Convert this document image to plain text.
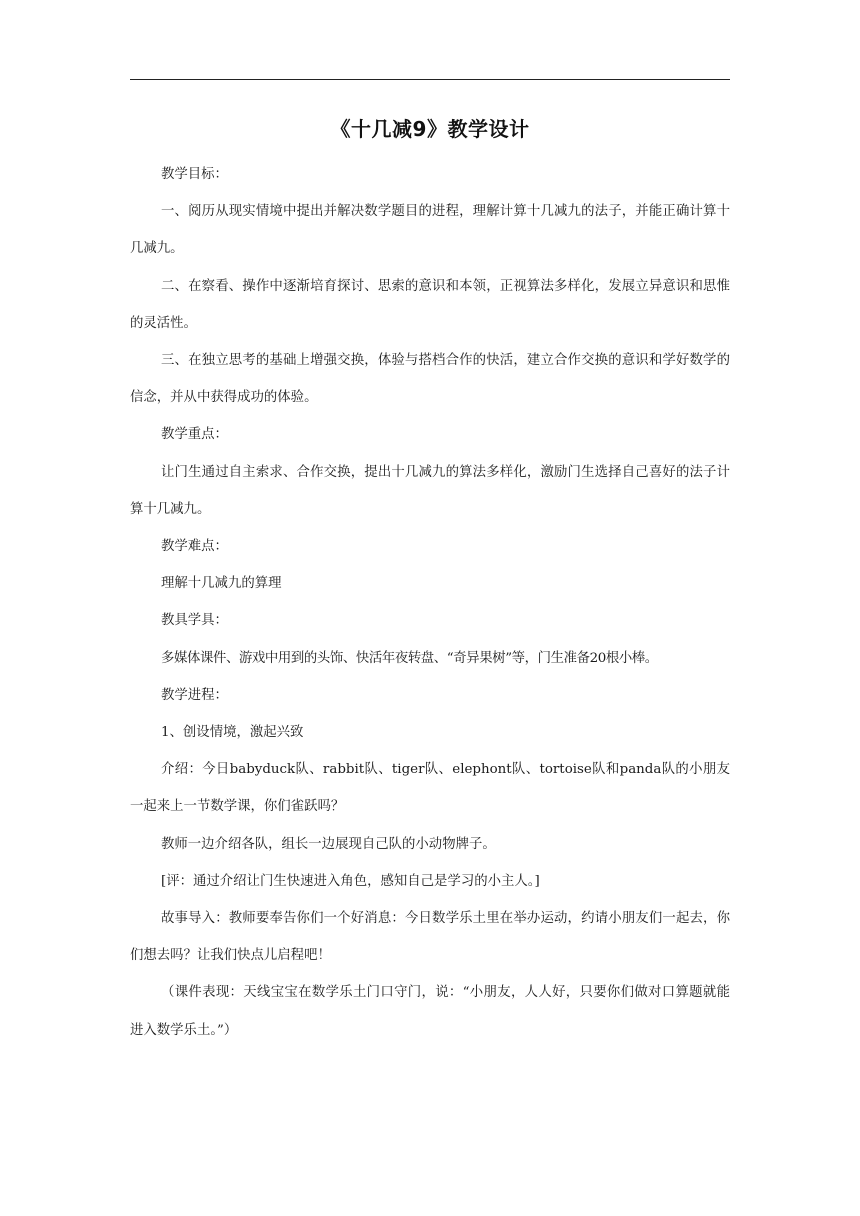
《十几减9》教学设计

教学目标：

一、阅历从现实情境中提出并解决数学题目的进程，理解计算十几减九的法子，并能正确计算十几减九。

二、在察看、操作中逐渐培育探讨、思索的意识和本领，正视算法多样化，发展立异意识和思惟的灵活性。

三、在独立思考的基础上增强交换，体验与搭档合作的快活，建立合作交换的意识和学好数学的信念，并从中获得成功的体验。

教学重点：

让门生通过自主索求、合作交换，提出十几减九的算法多样化，激励门生选择自己喜好的法子计算十几减九。

教学难点：

理解十几减九的算理

教具学具：

多媒体课件、游戏中用到的头饰、快活年夜转盘、“奇异果树”等，门生准备20根小棒。

教学进程：

1、创设情境，激起兴致

介绍：今日babyduck队、rabbit队、tiger队、elephont队、tortoise队和panda队的小朋友一起来上一节数学课，你们雀跃吗？

教师一边介绍各队，组长一边展现自己队的小动物牌子。

[评：通过介绍让门生快速进入角色，感知自己是学习的小主人。]

故事导入：教师要奉告你们一个好消息：今日数学乐土里在举办运动，约请小朋友们一起去，你们想去吗？让我们快点儿启程吧！

（课件表现：天线宝宝在数学乐土门口守门，说：“小朋友，人人好，只要你们做对口算题就能进入数学乐土。”）
